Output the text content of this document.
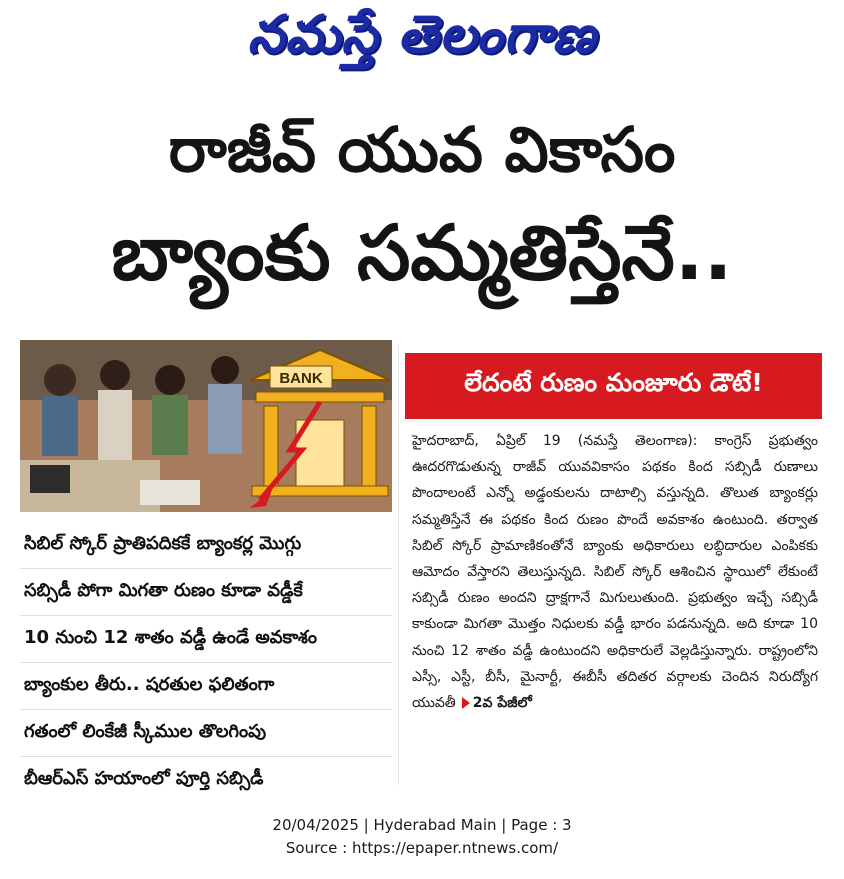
నమస్తే తెలంగాణ
రాజీవ్ యువ వికాసం
బ్యాంకు సమ్మతిస్తేనే..
BANK	లేదంటే రుణం మంజూరు డౌటే!
హైదరాబాద్, ఏప్రిల్ 19 (నమస్తే తెలంగాణ): కాంగ్రెస్ ప్రభుత్వం ఊదరగొడుతున్న రాజీవ్ యువవికాసం పథకం కింద సబ్సిడీ రుణాలు పొందాలంటే ఎన్నో అడ్డంకులను దాటాల్సి వస్తున్నది. తొలుత బ్యాంకర్లు సమ్మతిస్తేనే ఈ పథకం కింద రుణం పొందే అవకాశం ఉంటుంది. తర్వాత సిబిల్ స్కోర్ ప్రామాణికంతోనే బ్యాంకు అధికారులు లబ్ధిదారుల ఎంపికకు ఆమోదం వేస్తారని తెలుస్తున్నది. సిబిల్ స్కోర్ ఆశించిన స్థాయిలో లేకుంటే సబ్సిడీ రుణం అందని ద్రాక్షగానే మిగులుతుంది. ప్రభుత్వం ఇచ్చే సబ్సిడీ కాకుండా మిగతా మొత్తం నిధులకు వడ్డీ భారం పడనున్నది. అది కూడా 10 నుంచి 12 శాతం వడ్డీ ఉంటుందని అధికారులే వెల్లడిస్తున్నారు. రాష్ట్రంలోని ఎస్సీ, ఎస్టీ, బీసీ, మైనార్టీ, ఈబీసీ తదితర వర్గాలకు చెందిన నిరుద్యోగ యువతీ 2వ పేజీలో
సిబిల్ స్కోర్ ప్రాతిపదికకే బ్యాంకర్ల మొగ్గు
సబ్సిడీ పోగా మిగతా రుణం కూడా వడ్డీకే
10 నుంచి 12 శాతం వడ్డీ ఉండే అవకాశం
బ్యాంకుల తీరు.. షరతుల ఫలితంగా
గతంలో లింకేజీ స్కీముల తొలగింపు
బీఆర్ఎస్ హయాంలో పూర్తి సబ్సిడీ
20/04/2025 | Hyderabad Main | Page : 3
Source : https://epaper.ntnews.com/
